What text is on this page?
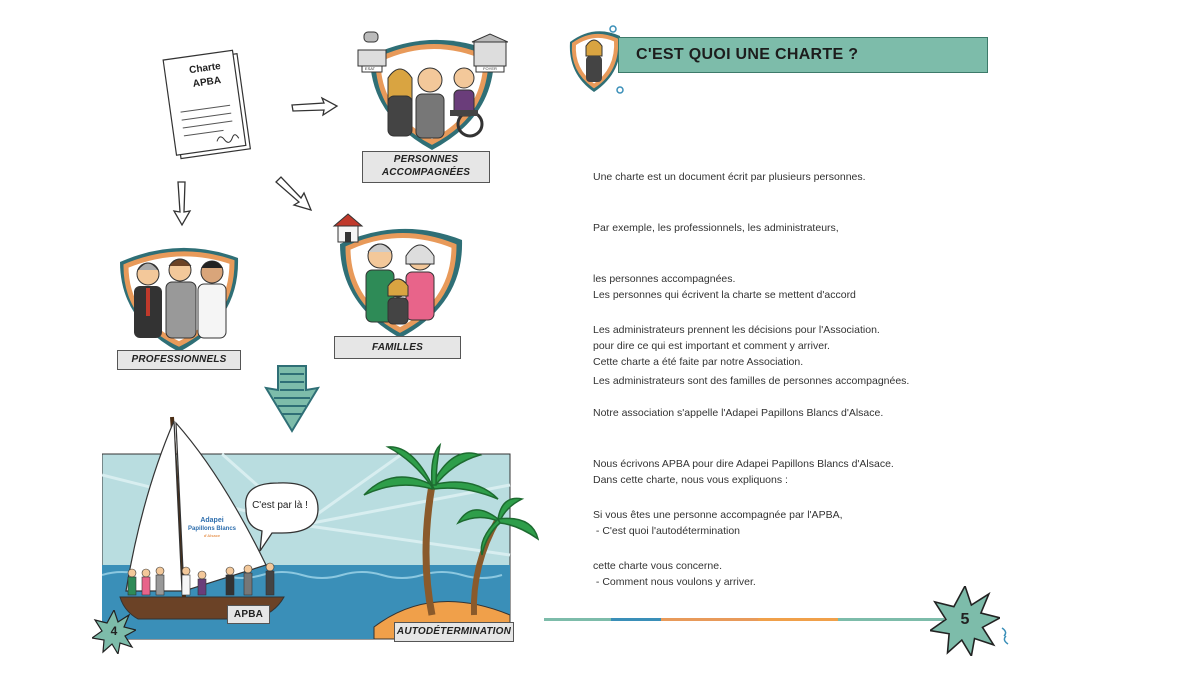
Charte
APBA
ESAT	FOYER
PERSONNES
ACCOMPAGNÉES
PROFESSIONNELS
FAMILLES
C'est par là !
Adapei
Papillons Blancs
d'Alsace
APBA
AUTODÉTERMINATION
4
C'EST QUOI UNE CHARTE ?

Une charte est un document écrit par plusieurs personnes.

Par exemple, les professionnels, les administrateurs,

les personnes accompagnées.

Les administrateurs prennent les décisions pour l'Association.

Les administrateurs sont des familles de personnes accompagnées.

Les personnes qui écrivent la charte se mettent d'accord

pour dire ce qui est important et comment y arriver.

Cette charte a été faite par notre Association.

Notre association s'appelle l'Adapei Papillons Blancs d'Alsace.

Nous écrivons APBA pour dire Adapei Papillons Blancs d'Alsace.

Si vous êtes une personne accompagnée par l'APBA,

cette charte vous concerne.

Dans cette charte, nous vous expliquons :

- C'est quoi l'autodétermination

- Comment nous voulons y arriver.

5
